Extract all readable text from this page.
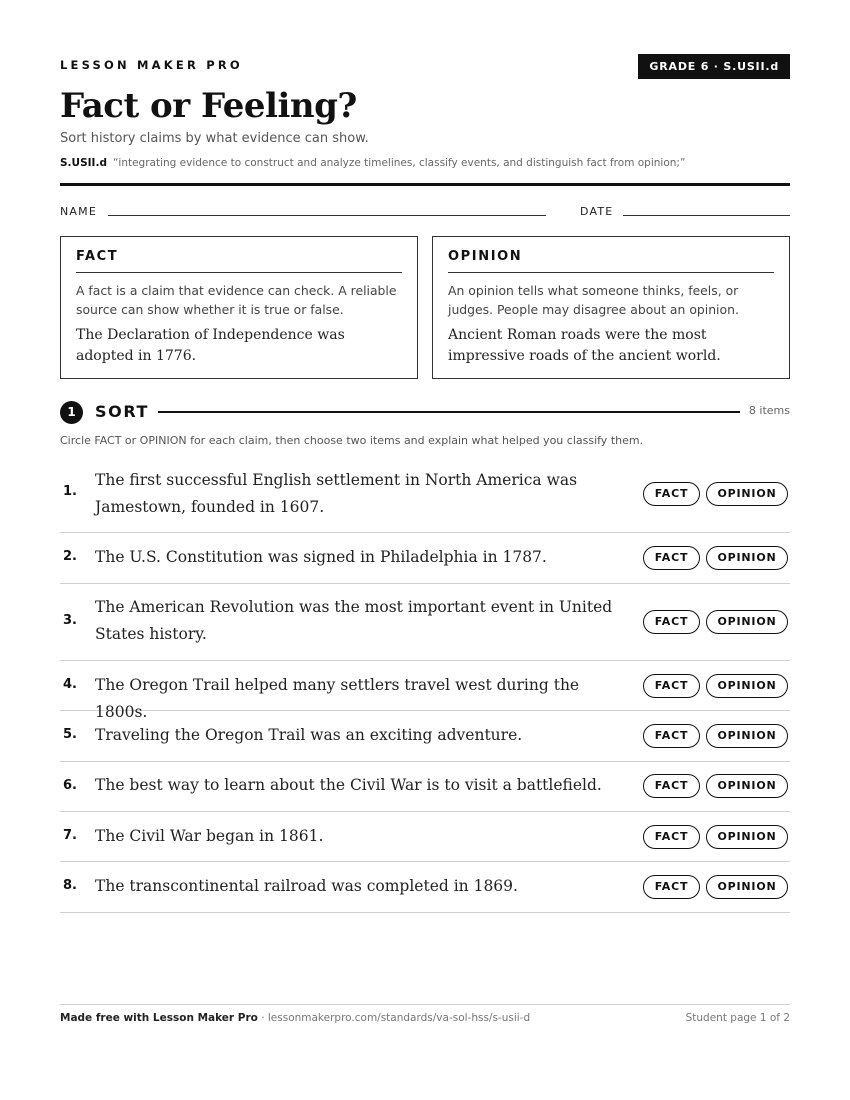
LESSON MAKER PRO	GRADE 6 · S.USII.d
Fact or Feeling?
Sort history claims by what evidence can show.
S.USII.d “integrating evidence to construct and analyze timelines, classify events, and distinguish fact from opinion;”
NAME	DATE
FACT
A fact is a claim that evidence can check. A reliable source can show whether it is true or false.
The Declaration of Independence was adopted in 1776.
OPINION
An opinion tells what someone thinks, feels, or judges. People may disagree about an opinion.
Ancient Roman roads were the most impressive roads of the ancient world.
1	SORT	8 items
Circle FACT or OPINION for each claim, then choose two items and explain what helped you classify them.
1.
The first successful English settlement in North America was Jamestown, founded in 1607.
FACT	OPINION
2. The U.S. Constitution was signed in Philadelphia in 1787.	FACT	OPINION
3.
The American Revolution was the most important event in United States history.
FACT	OPINION
4. The Oregon Trail helped many settlers travel west during the 1800s.
FACT	OPINION
5. Traveling the Oregon Trail was an exciting adventure.	FACT	OPINION
6. The best way to learn about the Civil War is to visit a battlefield.	FACT	OPINION
7. The Civil War began in 1861.	FACT	OPINION
8. The transcontinental railroad was completed in 1869.	FACT	OPINION
Made free with Lesson Maker Pro · lessonmakerpro.com/standards/va-sol-hss/s-usii-d	Student page 1 of 2
